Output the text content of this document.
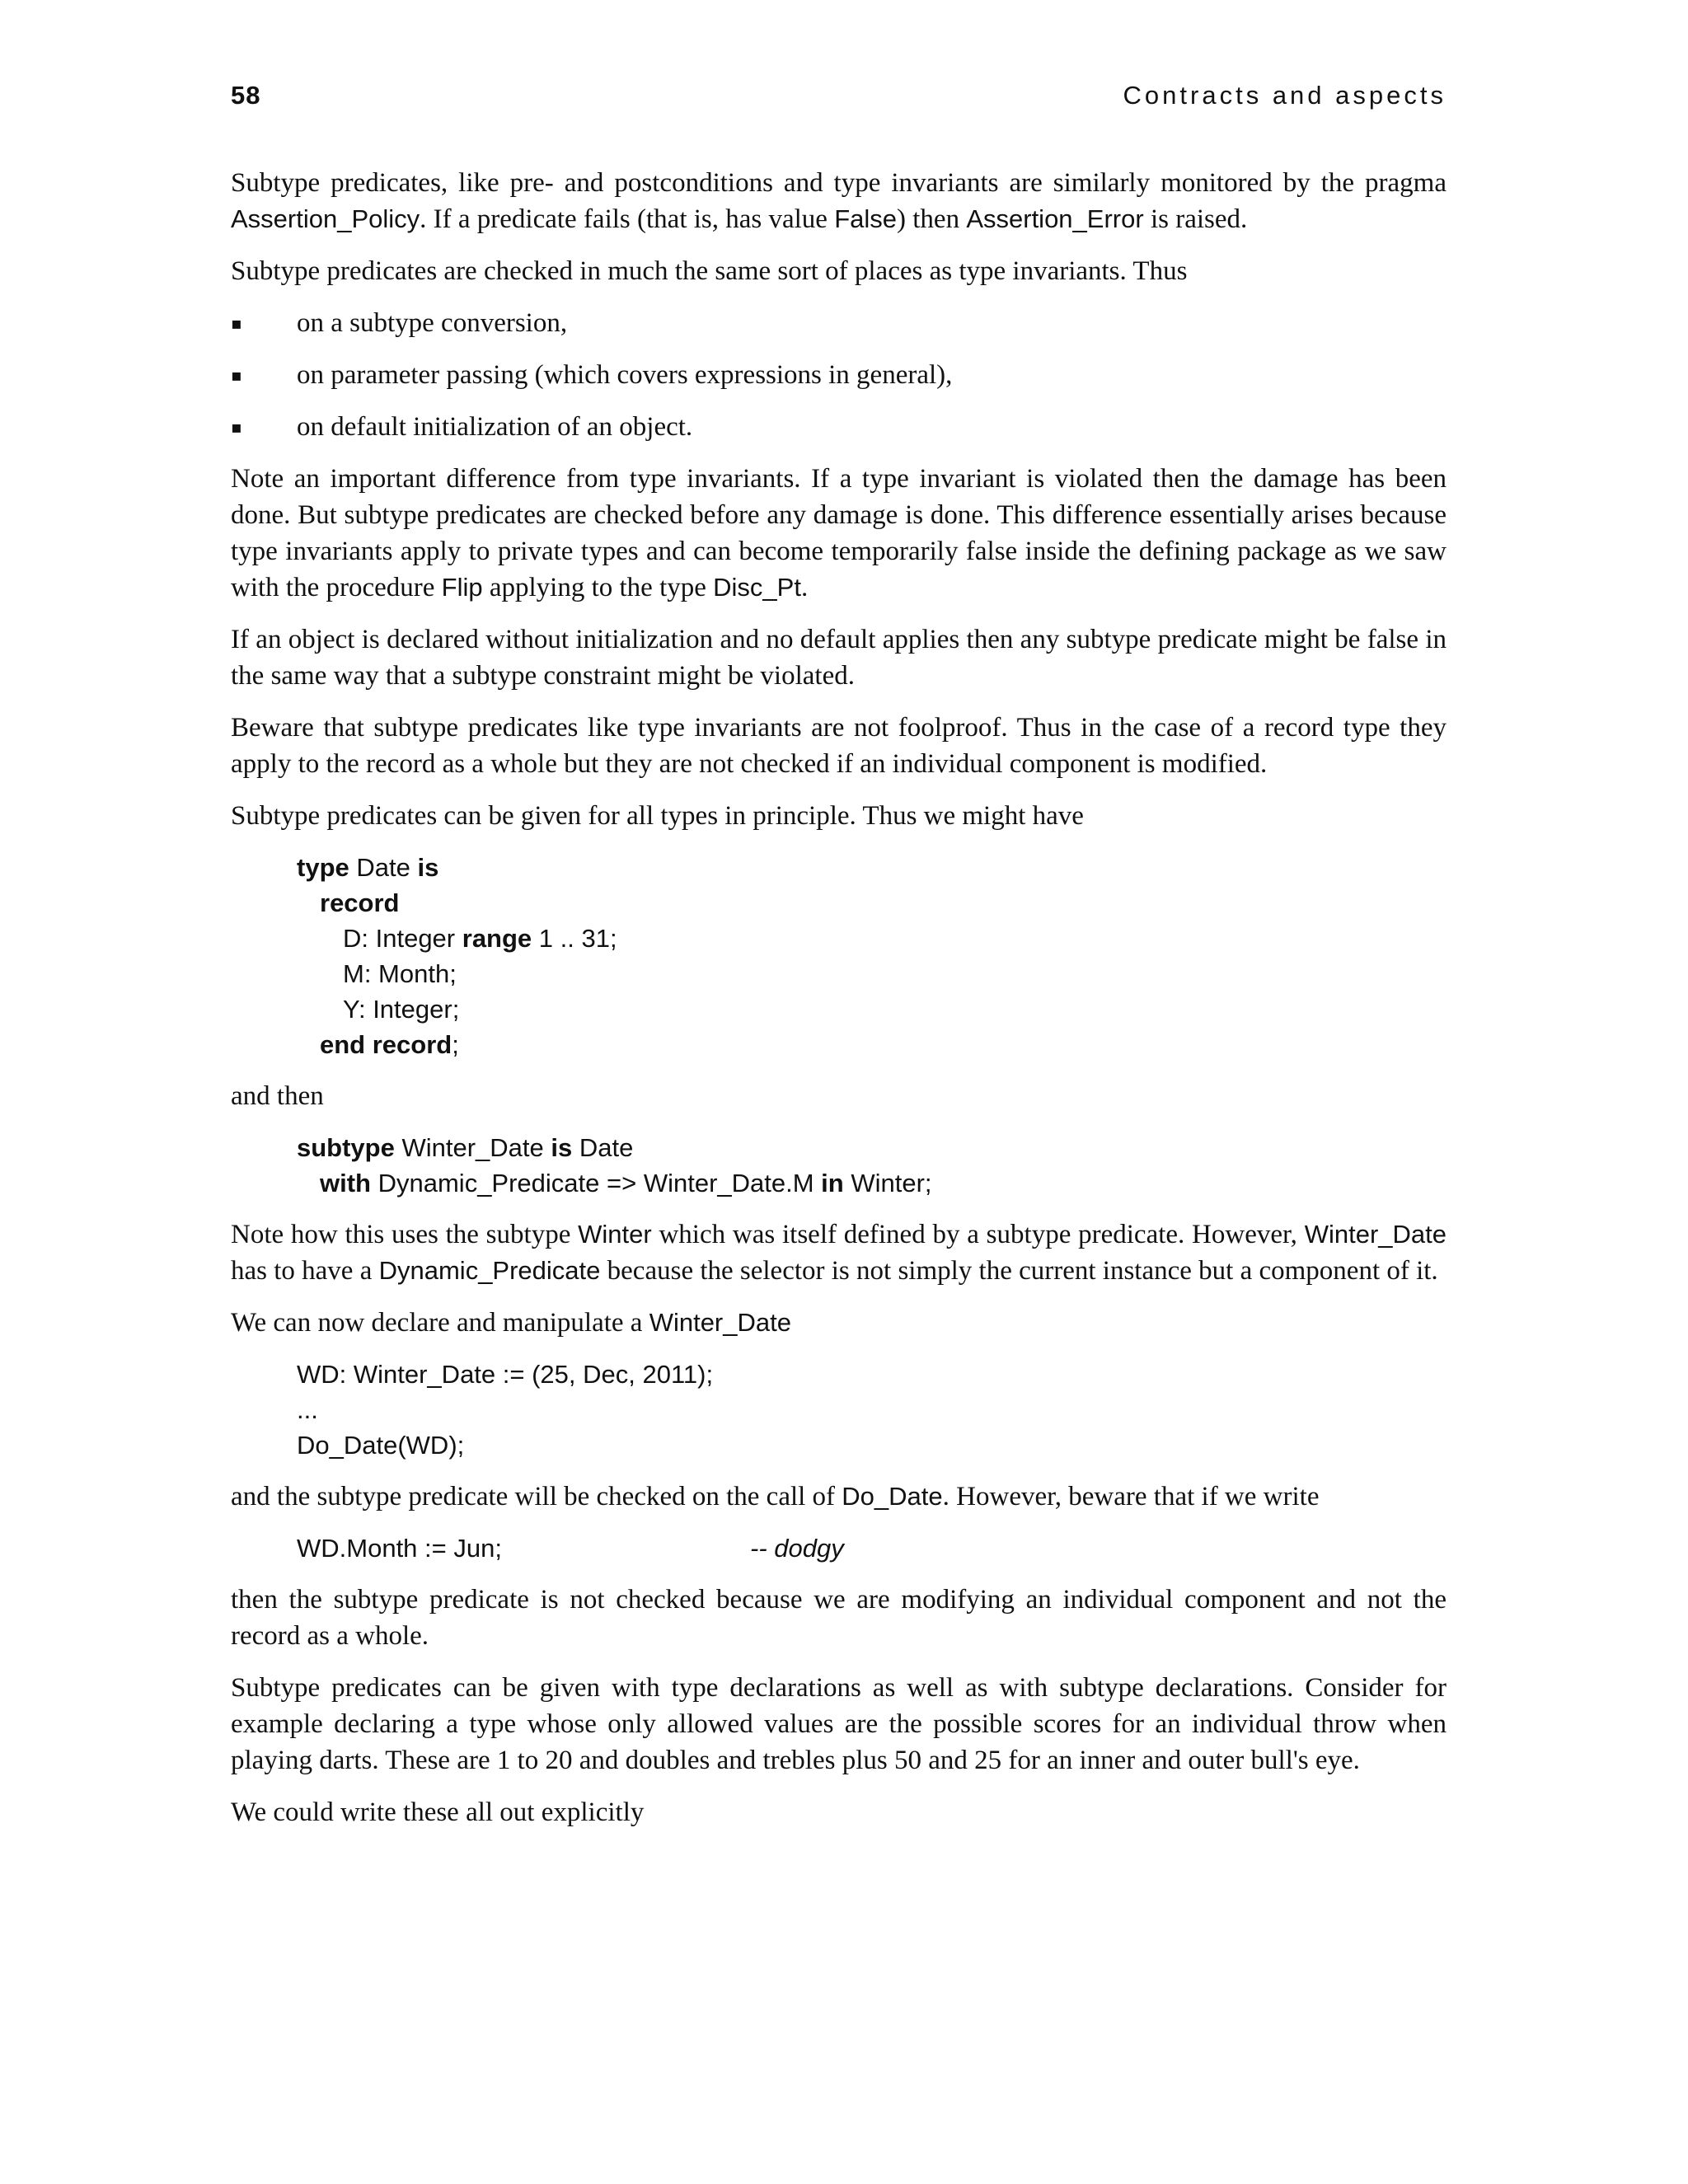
58	Contracts and aspects

Subtype predicates, like pre- and postconditions and type invariants are similarly monitored by the pragma Assertion_Policy. If a predicate fails (that is, has value False) then Assertion_Error is raised.

Subtype predicates are checked in much the same sort of places as type invariants. Thus

▪ on a subtype conversion,
▪ on parameter passing (which covers expressions in general),
▪ on default initialization of an object.

Note an important difference from type invariants. If a type invariant is violated then the damage has been done. But subtype predicates are checked before any damage is done. This difference essentially arises because type invariants apply to private types and can become temporarily false inside the defining package as we saw with the procedure Flip applying to the type Disc_Pt.

If an object is declared without initialization and no default applies then any subtype predicate might be false in the same way that a subtype constraint might be violated.

Beware that subtype predicates like type invariants are not foolproof. Thus in the case of a record type they apply to the record as a whole but they are not checked if an individual component is modified.

Subtype predicates can be given for all types in principle. Thus we might have

type Date is
record
D: Integer range 1 .. 31;
M: Month;
Y: Integer;
end record;

and then

subtype Winter_Date is Date
with Dynamic_Predicate => Winter_Date.M in Winter;

Note how this uses the subtype Winter which was itself defined by a subtype predicate. However, Winter_Date has to have a Dynamic_Predicate because the selector is not simply the current instance but a component of it.

We can now declare and manipulate a Winter_Date

WD: Winter_Date := (25, Dec, 2011);
...
Do_Date(WD);

and the subtype predicate will be checked on the call of Do_Date. However, beware that if we write

WD.Month := Jun;	-- dodgy

then the subtype predicate is not checked because we are modifying an individual component and not the record as a whole.

Subtype predicates can be given with type declarations as well as with subtype declarations. Consider for example declaring a type whose only allowed values are the possible scores for an individual throw when playing darts. These are 1 to 20 and doubles and trebles plus 50 and 25 for an inner and outer bull's eye.

We could write these all out explicitly
